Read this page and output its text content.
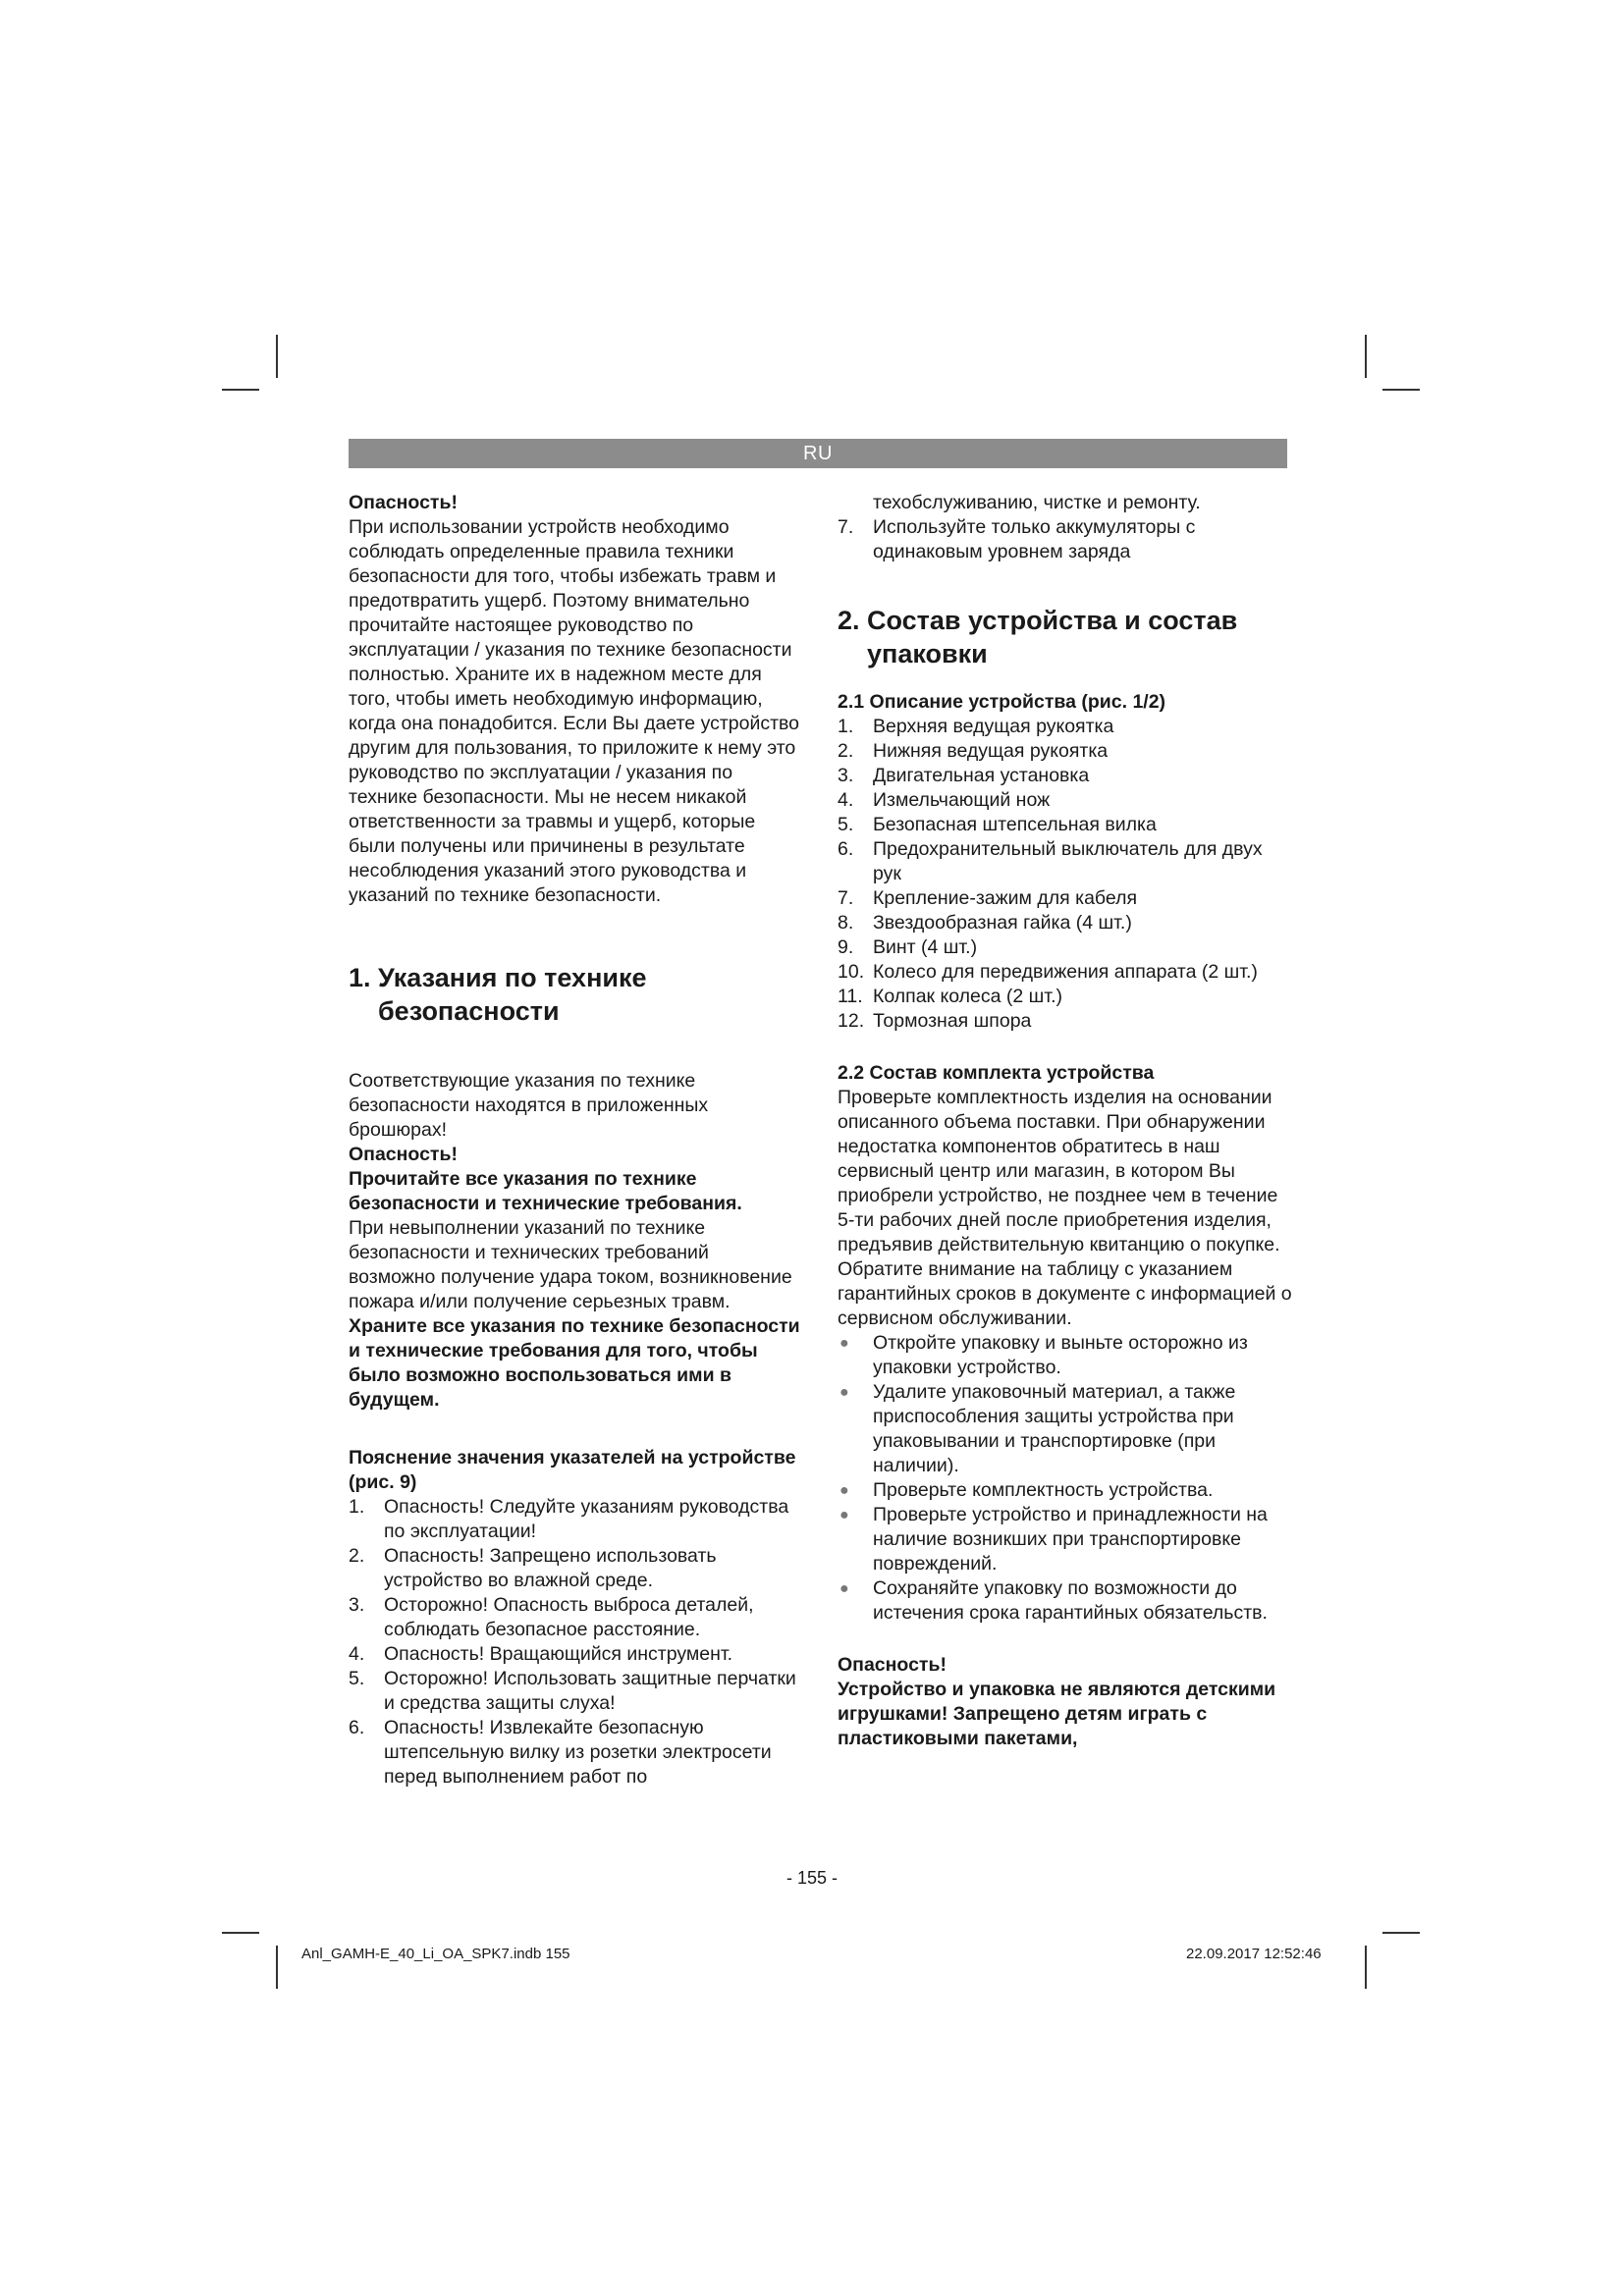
RU

Опасность!

При использовании устройств необходимо соблюдать определенные правила техники безопасности для того, чтобы избежать травм и предотвратить ущерб. Поэтому внимательно прочитайте настоящее руководство по эксплуатации / указания по технике безопасности полностью. Храните их в надежном месте для того, чтобы иметь необходимую информацию, когда она понадобится. Если Вы даете устройство другим для пользования, то приложите к нему это руководство по эксплуатации / указания по технике безопасности. Мы не несем никакой ответственности за травмы и ущерб, которые были получены или причинены в результате несоблюдения указаний этого руководства и указаний по технике безопасности.

1. Указания по технике
безопасности

Соответствующие указания по технике безопасности находятся в приложенных брошюрах!

Опасность!

Прочитайте все указания по технике безопасности и технические требования.

При невыполнении указаний по технике безопасности и технических требований возможно получение удара током, возникновение пожара и/или получение серьезных травм. Храните все указания по технике безопасности и технические требования для того, чтобы было возможно воспользоваться ими в будущем.

Пояснение значения указателей на устройстве (рис. 9)

1. Опасность! Следуйте указаниям руководства по эксплуатации!
2. Опасность! Запрещено использовать устройство во влажной среде.
3. Осторожно! Опасность выброса деталей, соблюдать безопасное расстояние.
4. Опасность! Вращающийся инструмент.
5. Осторожно! Использовать защитные перчатки и средства защиты слуха!
6. Опасность! Извлекайте безопасную штепсельную вилку из розетки электросети перед выполнением работ по

техобслуживанию, чистке и ремонту.

7. Используйте только аккумуляторы с одинаковым уровнем заряда
2. Состав устройства и состав
упаковки

2.1 Описание устройства (рис. 1/2)

1. Верхняя ведущая рукоятка
2. Нижняя ведущая рукоятка
3. Двигательная установка
4. Измельчающий нож
5. Безопасная штепсельная вилка
6. Предохранительный выключатель для двух рук
7. Крепление-зажим для кабеля
8. Звездообразная гайка (4 шт.)
9. Винт (4 шт.)
10. Колесо для передвижения аппарата (2 шт.)
11. Колпак колеса (2 шт.)
12. Тормозная шпора

2.2 Состав комплекта устройства

Проверьте комплектность изделия на основании описанного объема поставки. При обнаружении недостатка компонентов обратитесь в наш сервисный центр или магазин, в котором Вы приобрели устройство, не позднее чем в течение 5-ти рабочих дней после приобретения изделия, предъявив действительную квитанцию о покупке. Обратите внимание на таблицу с указанием гарантийных сроков в документе с информацией о сервисном обслуживании.

● Откройте упаковку и выньте осторожно из упаковки устройство.
● Удалите упаковочный материал, а также приспособления защиты устройства при упаковывании и транспортировке (при наличии).
● Проверьте комплектность устройства.
● Проверьте устройство и принадлежности на наличие возникших при транспортировке повреждений.
● Сохраняйте упаковку по возможности до истечения срока гарантийных обязательств.

Опасность!

Устройство и упаковка не являются детскими игрушками! Запрещено детям играть с пластиковыми пакетами,

- 155 -
Anl_GAMH-E_40_Li_OA_SPK7.indb 155	22.09.2017 12:52:46
